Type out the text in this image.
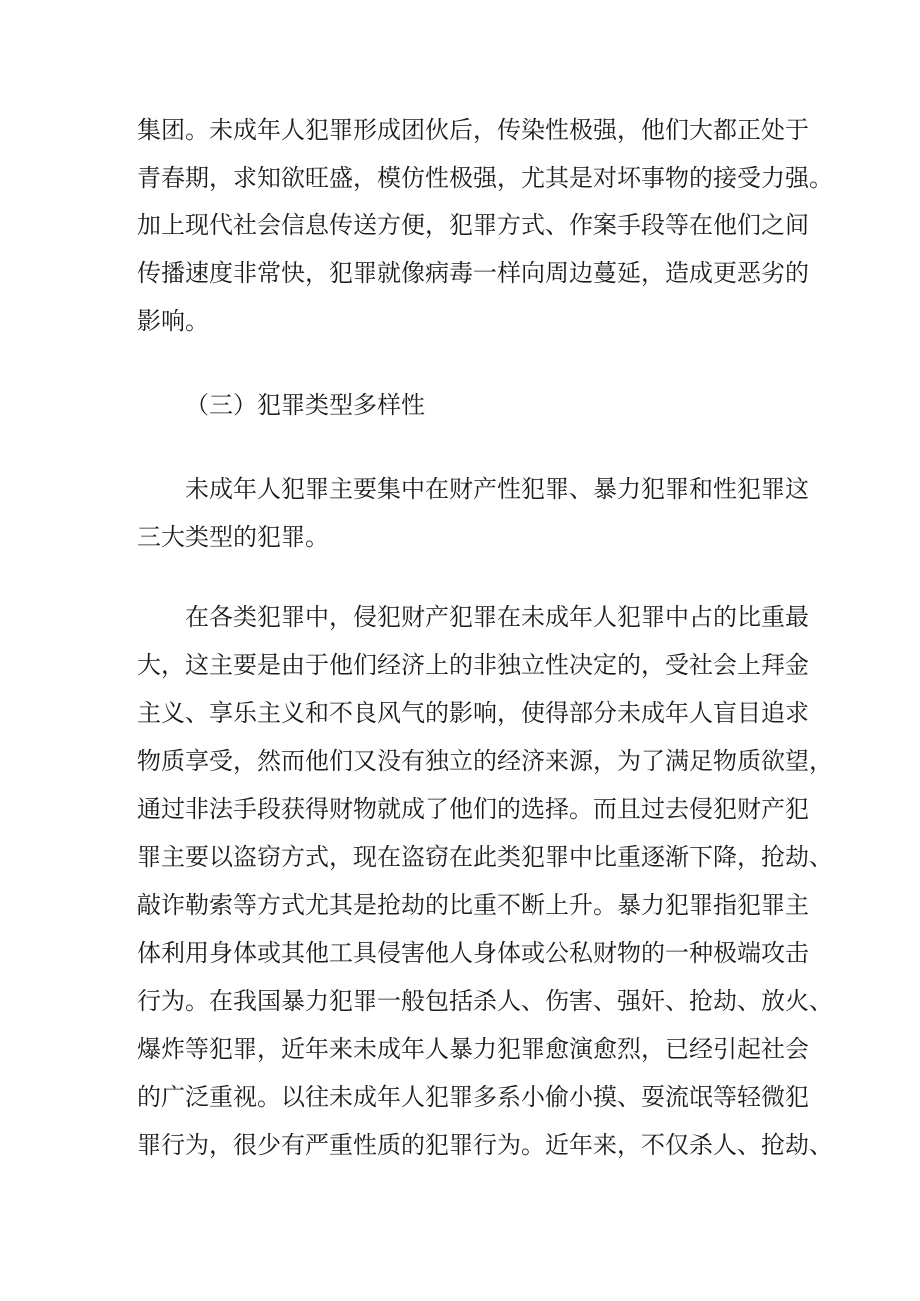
集团。未成年人犯罪形成团伙后，传染性极强，他们大都正处于
青春期，求知欲旺盛，模仿性极强，尤其是对坏事物的接受力强。
加上现代社会信息传送方便，犯罪方式、作案手段等在他们之间
传播速度非常快，犯罪就像病毒一样向周边蔓延，造成更恶劣的
影响。
（三）犯罪类型多样性
未成年人犯罪主要集中在财产性犯罪、暴力犯罪和性犯罪这
三大类型的犯罪。
在各类犯罪中，侵犯财产犯罪在未成年人犯罪中占的比重最
大，这主要是由于他们经济上的非独立性决定的，受社会上拜金
主义、享乐主义和不良风气的影响，使得部分未成年人盲目追求
物质享受，然而他们又没有独立的经济来源，为了满足物质欲望，
通过非法手段获得财物就成了他们的选择。而且过去侵犯财产犯
罪主要以盗窃方式，现在盗窃在此类犯罪中比重逐渐下降，抢劫、
敲诈勒索等方式尤其是抢劫的比重不断上升。暴力犯罪指犯罪主
体利用身体或其他工具侵害他人身体或公私财物的一种极端攻击
行为。在我国暴力犯罪一般包括杀人、伤害、强奸、抢劫、放火、
爆炸等犯罪，近年来未成年人暴力犯罪愈演愈烈，已经引起社会
的广泛重视。以往未成年人犯罪多系小偷小摸、耍流氓等轻微犯
罪行为，很少有严重性质的犯罪行为。近年来，不仅杀人、抢劫、
